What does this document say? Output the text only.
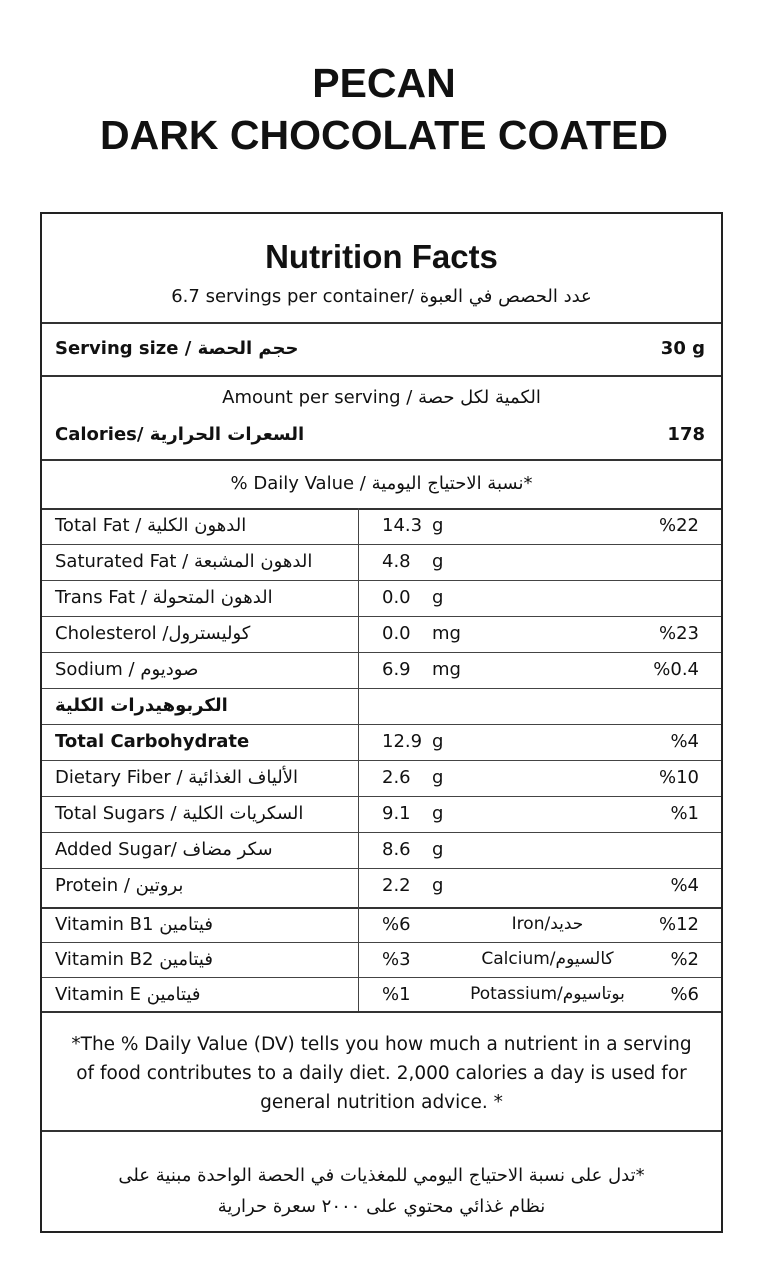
PECAN
DARK CHOCOLATE COATED
Nutrition Facts
6.7 servings per container/ عدد الحصص في العبوة
Serving size / حجم الحصة	30 g
Amount per serving / الكمية لكل حصة
Calories/ السعرات الحرارية	178
% Daily Value / نسبة الاحتياج اليومية*
Total Fat / الدهون الكلية	14.3 g	%22
Saturated Fat / الدهون المشبعة	4.8 g
Trans Fat / الدهون المتحولة	0.0 g
Cholesterol /كوليسترول	0.0 mg	%23
Sodium / صوديوم	6.9 mg	%0.4
الكربوهيدرات الكلية
Total Carbohydrate	12.9 g	%4
Dietary Fiber / الألياف الغذائية	2.6 g	%10
Total Sugars / السكريات الكلية	9.1 g	%1
Added Sugar/ سكر مضاف	8.6 g
Protein / بروتين	2.2 g	%4
Vitamin B1 فيتامين	%6	Iron/حديد	%12
Vitamin B2 فيتامين	%3	Calcium/كالسيوم	%2
Vitamin E فيتامين	%1	Potassium/بوتاسيوم	%6
*The % Daily Value (DV) tells you how much a nutrient in a serving of food contributes to a daily diet. 2,000 calories a day is used for general nutrition advice. *
تدل على نسبة الاحتياج اليومي للمغذيات في الحصة الواحدة مبنية على*
نظام غذائي محتوي على ٢٠٠٠ سعرة حرارية
